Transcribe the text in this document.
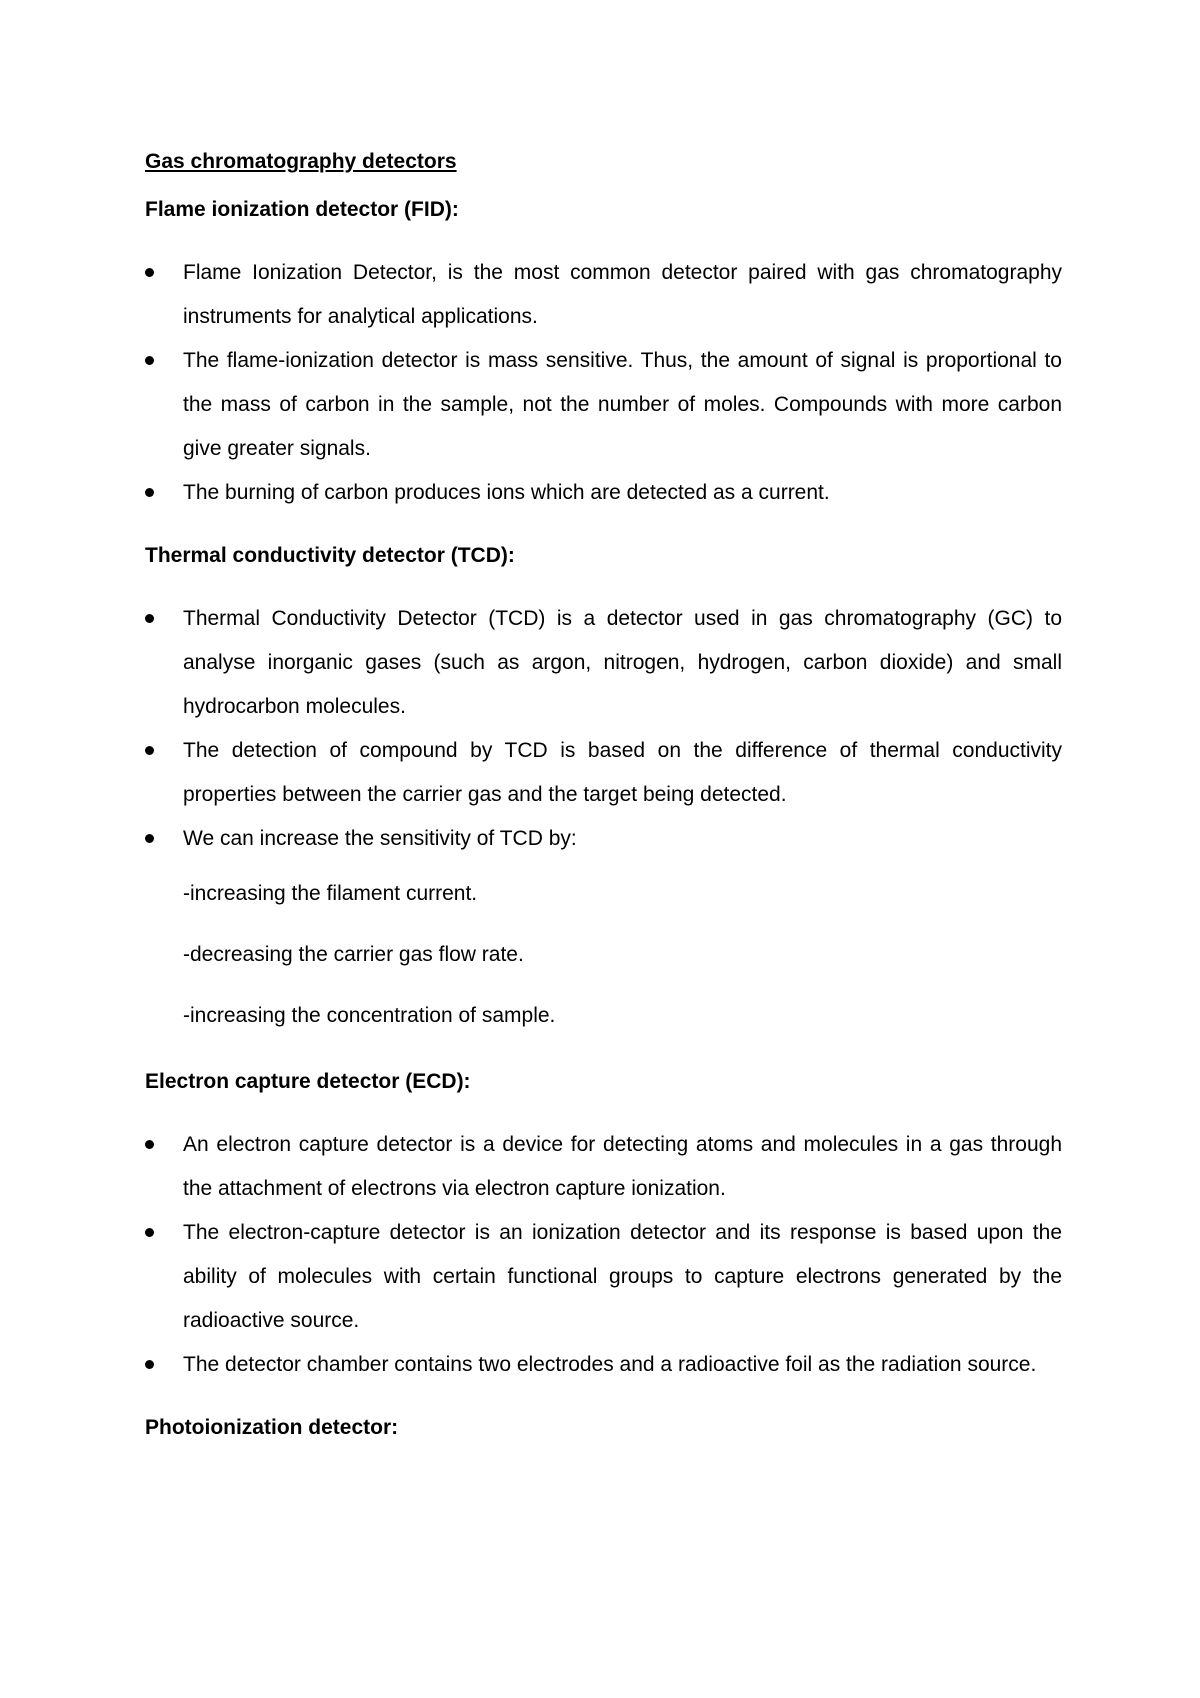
Gas chromatography detectors
Flame ionization detector (FID):
Flame Ionization Detector, is the most common detector paired with gas chromatography instruments for analytical applications.
The flame-ionization detector is mass sensitive. Thus, the amount of signal is proportional to the mass of carbon in the sample, not the number of moles. Compounds with more carbon give greater signals.
The burning of carbon produces ions which are detected as a current.
Thermal conductivity detector (TCD):
Thermal Conductivity Detector (TCD) is a detector used in gas chromatography (GC) to analyse inorganic gases (such as argon, nitrogen, hydrogen, carbon dioxide) and small hydrocarbon molecules.
The detection of compound by TCD is based on the difference of thermal conductivity properties between the carrier gas and the target being detected.
We can increase the sensitivity of TCD by:
-increasing the filament current.
-decreasing the carrier gas flow rate.
-increasing the concentration of sample.
Electron capture detector (ECD):
An electron capture detector is a device for detecting atoms and molecules in a gas through the attachment of electrons via electron capture ionization.
The electron-capture detector is an ionization detector and its response is based upon the ability of molecules with certain functional groups to capture electrons generated by the radioactive source.
The detector chamber contains two electrodes and a radioactive foil as the radiation source.
Photoionization detector:
